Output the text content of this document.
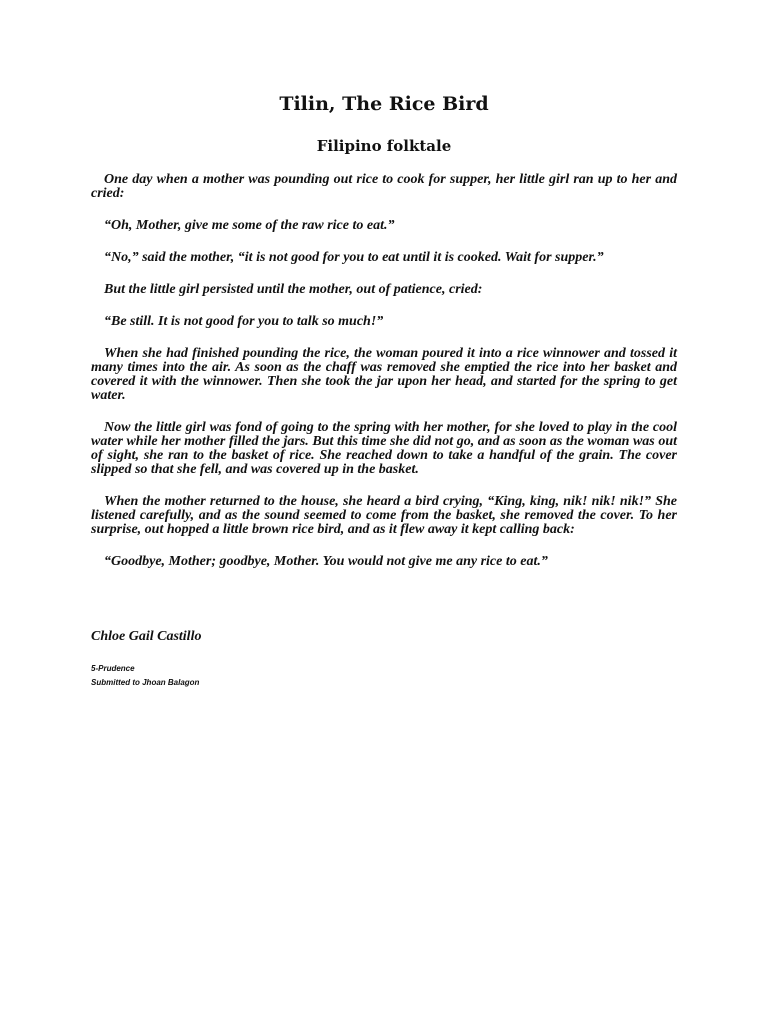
Tilin, The Rice Bird
Filipino folktale

One day when a mother was pounding out rice to cook for supper, her little girl ran up to her and cried:

“Oh, Mother, give me some of the raw rice to eat.”

“No,” said the mother, “it is not good for you to eat until it is cooked. Wait for supper.”

But the little girl persisted until the mother, out of patience, cried:

“Be still. It is not good for you to talk so much!”

When she had finished pounding the rice, the woman poured it into a rice winnower and tossed it many times into the air. As soon as the chaff was removed she emptied the rice into her basket and covered it with the winnower. Then she took the jar upon her head, and started for the spring to get water.

Now the little girl was fond of going to the spring with her mother, for she loved to play in the cool water while her mother filled the jars. But this time she did not go, and as soon as the woman was out of sight, she ran to the basket of rice. She reached down to take a handful of the grain. The cover slipped so that she fell, and was covered up in the basket.

When the mother returned to the house, she heard a bird crying, “King, king, nik! nik! nik!” She listened carefully, and as the sound seemed to come from the basket, she removed the cover. To her surprise, out hopped a little brown rice bird, and as it flew away it kept calling back:

“Goodbye, Mother; goodbye, Mother. You would not give me any rice to eat.”

Chloe Gail Castillo

5-Prudence
Submitted to Jhoan Balagon
